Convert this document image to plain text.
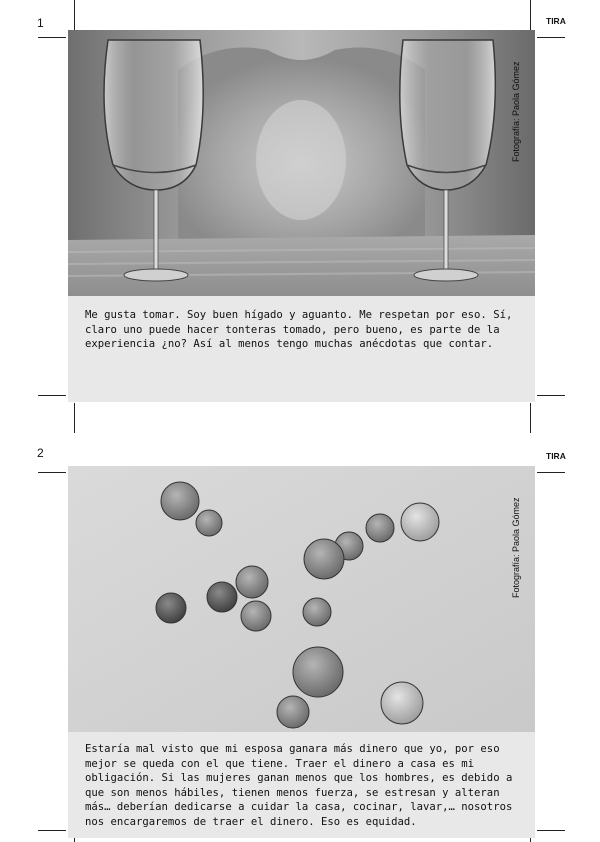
1	TIRA
2	TIRA
Fotografía: Paola Gómez
Me gusta tomar. Soy buen hígado y aguanto. Me respetan por eso. Sí, claro uno puede hacer tonteras tomado, pero bueno, es parte de la experiencia ¿no? Así al menos tengo muchas anécdotas que contar.
Fotografía: Paola Gómez
Estaría mal visto que mi esposa ganara más dinero que yo, por eso mejor se queda con el que tiene. Traer el dinero a casa es mi obligación. Si las mujeres ganan menos que los hombres, es debido a que son menos hábiles, tienen menos fuerza, se estresan y alteran más… deberían dedicarse a cuidar la casa, cocinar, lavar,… nosotros nos encargaremos de traer el dinero. Eso es equidad.
